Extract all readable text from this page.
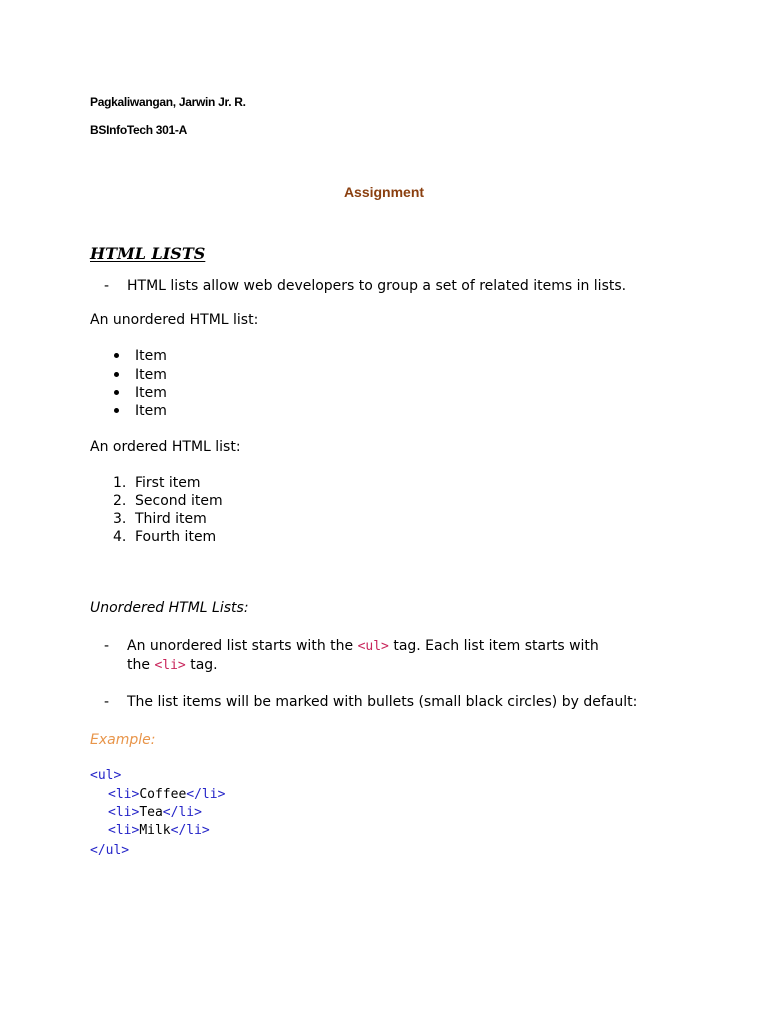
Pagkaliwangan, Jarwin Jr. R.
BSInfoTech 301-A
Assignment
HTML LISTS
- HTML lists allow web developers to group a set of related items in lists.
An unordered HTML list:
Item
Item
Item
Item
An ordered HTML list:
1. First item
2. Second item
3. Third item
4. Fourth item
Unordered HTML Lists:
- An unordered list starts with the <ul> tag. Each list item starts with
the <li> tag.
- The list items will be marked with bullets (small black circles) by default:
Example:
<ul>
<li>Coffee</li>
<li>Tea</li>
<li>Milk</li>
</ul>
